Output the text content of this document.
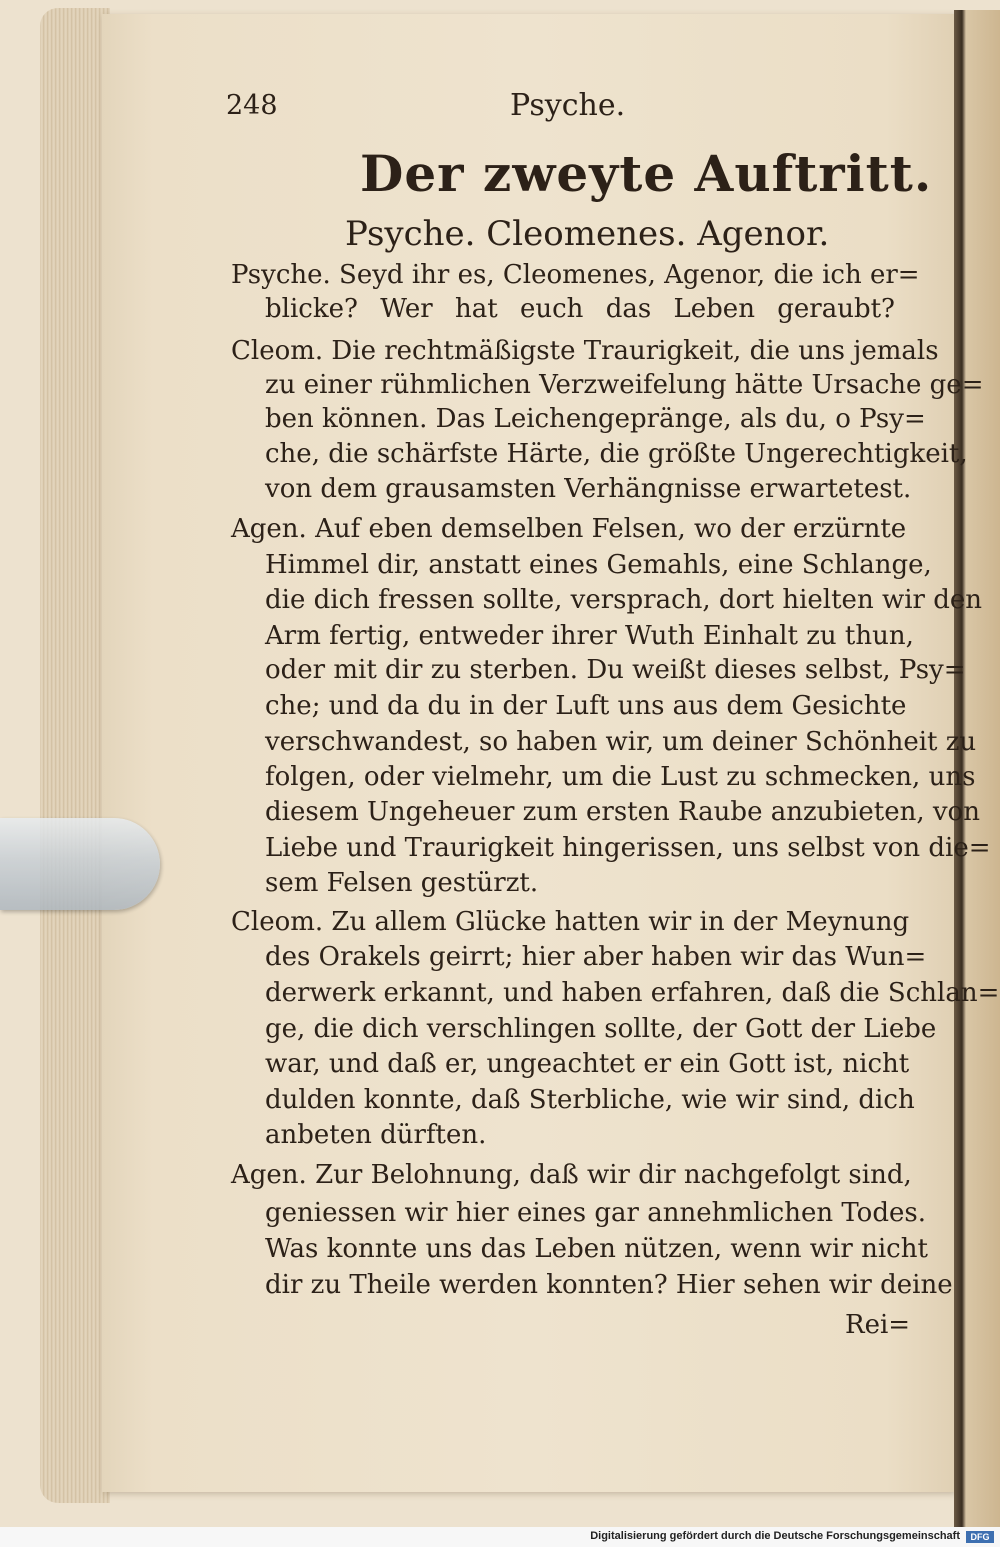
248	Psyche.
Der zweyte Auftritt.
Psyche. Cleomenes. Agenor.
Psyche. Seyd ihr es, Cleomenes, Agenor, die ich er=
blicke? Wer hat euch das Leben geraubt?
Cleom. Die rechtmäßigste Traurigkeit, die uns jemals
zu einer rühmlichen Verzweifelung hätte Ursache ge=
ben können. Das Leichengepränge, als du, o Psy=
che, die schärfste Härte, die größte Ungerechtigkeit,
von dem grausamsten Verhängnisse erwartetest.
Agen. Auf eben demselben Felsen, wo der erzürnte
Himmel dir, anstatt eines Gemahls, eine Schlange,
die dich fressen sollte, versprach, dort hielten wir den
Arm fertig, entweder ihrer Wuth Einhalt zu thun,
oder mit dir zu sterben. Du weißt dieses selbst, Psy=
che; und da du in der Luft uns aus dem Gesichte
verschwandest, so haben wir, um deiner Schönheit zu
folgen, oder vielmehr, um die Lust zu schmecken, uns
diesem Ungeheuer zum ersten Raube anzubieten, von
Liebe und Traurigkeit hingerissen, uns selbst von die=
sem Felsen gestürzt.
Cleom. Zu allem Glücke hatten wir in der Meynung
des Orakels geirrt; hier aber haben wir das Wun=
derwerk erkannt, und haben erfahren, daß die Schlan=
ge, die dich verschlingen sollte, der Gott der Liebe
war, und daß er, ungeachtet er ein Gott ist, nicht
dulden konnte, daß Sterbliche, wie wir sind, dich
anbeten dürften.
Agen. Zur Belohnung, daß wir dir nachgefolgt sind,
geniessen wir hier eines gar annehmlichen Todes.
Was konnte uns das Leben nützen, wenn wir nicht
dir zu Theile werden konnten? Hier sehen wir deine
Rei=
Digitalisierung gefördert durch die Deutsche Forschungsgemeinschaft	DFG
